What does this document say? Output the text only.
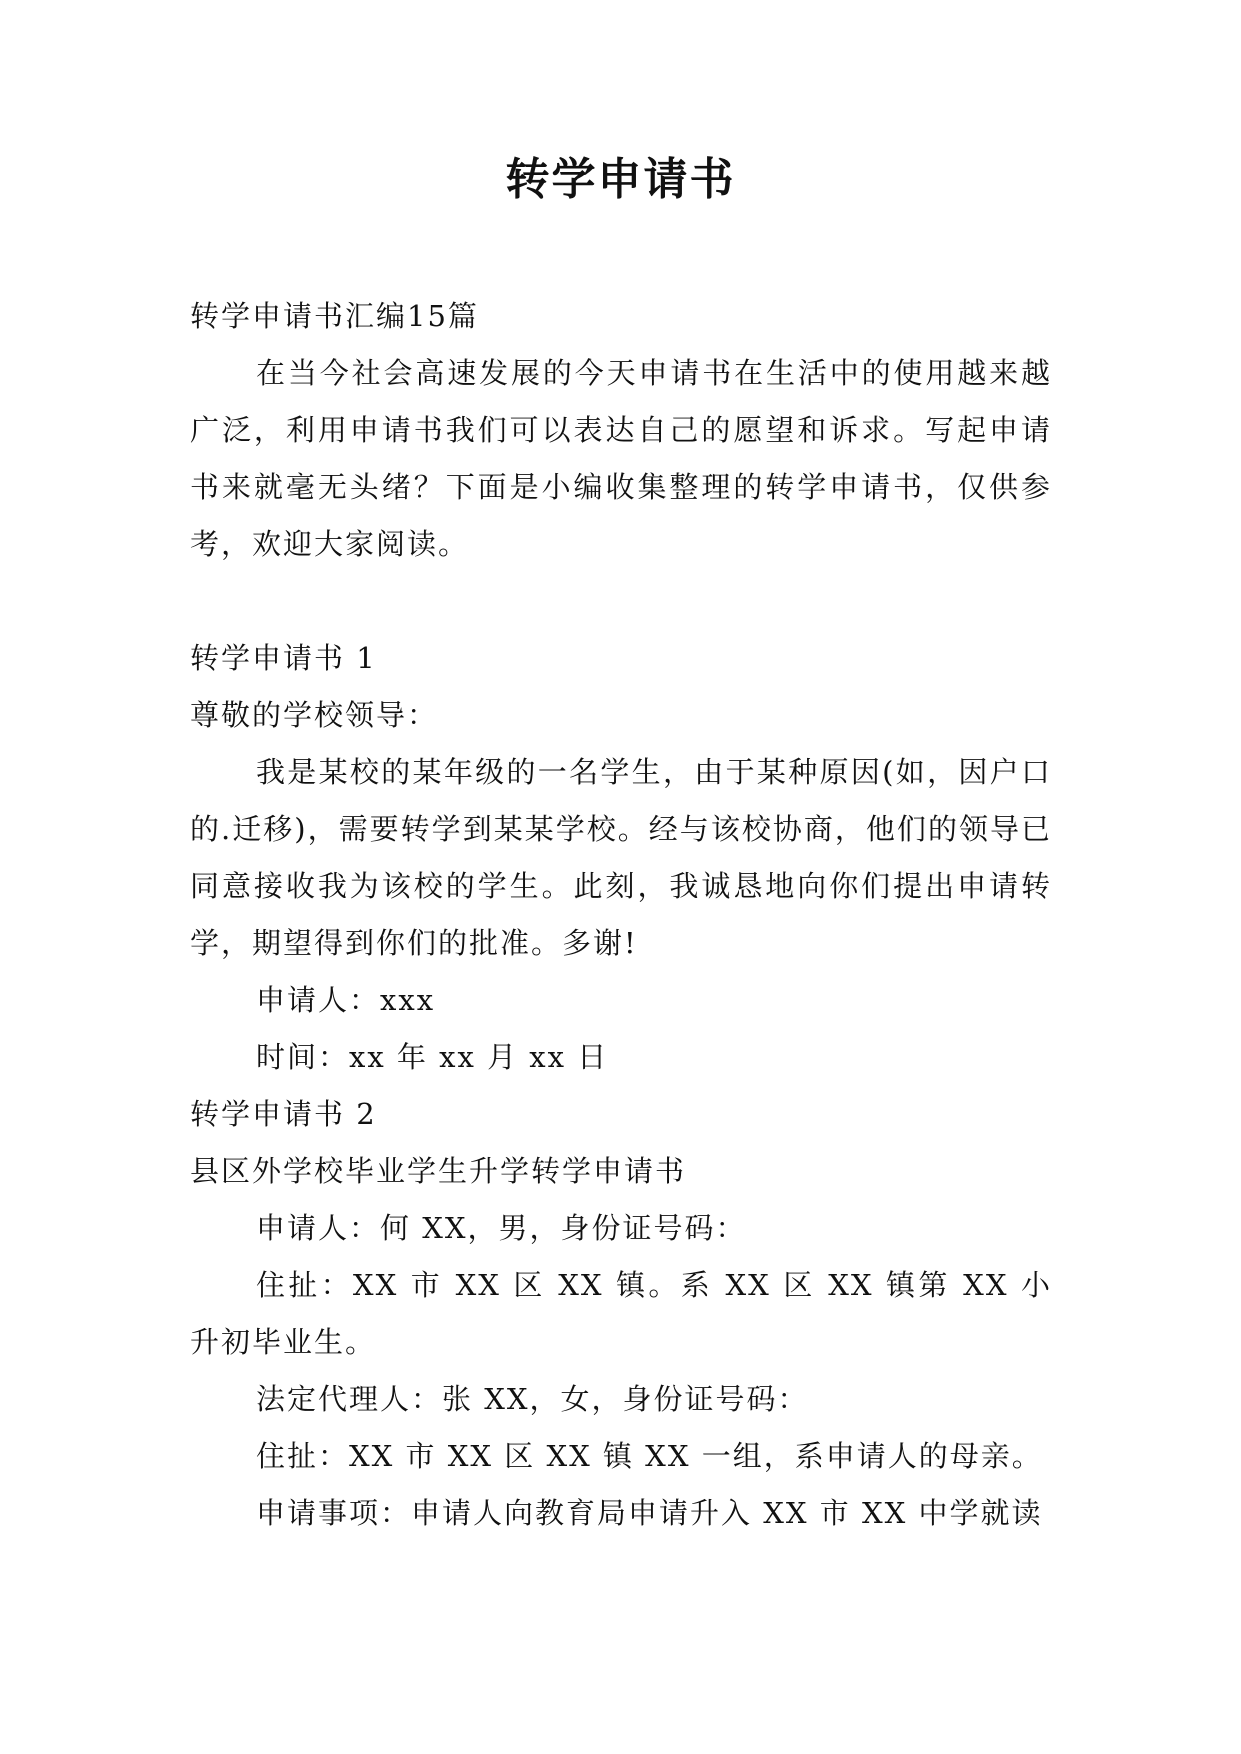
转学申请书

转学申请书汇编15篇

在当今社会高速发展的今天申请书在生活中的使用越来越广泛，利用申请书我们可以表达自己的愿望和诉求。写起申请书来就毫无头绪？下面是小编收集整理的转学申请书，仅供参考，欢迎大家阅读。

转学申请书 1

尊敬的学校领导：

我是某校的某年级的一名学生，由于某种原因(如，因户口的.迁移)，需要转学到某某学校。经与该校协商，他们的领导已同意接收我为该校的学生。此刻，我诚恳地向你们提出申请转学，期望得到你们的批准。多谢!

申请人：xxx

时间：xx 年 xx 月 xx 日

转学申请书 2

县区外学校毕业学生升学转学申请书

申请人：何 XX，男，身份证号码：

住扯：XX 市 XX 区 XX 镇。系 XX 区 XX 镇第 XX 小升初毕业生。

法定代理人：张 XX，女，身份证号码：

住扯：XX 市 XX 区 XX 镇 XX 一组，系申请人的母亲。

申请事项：申请人向教育局申请升入 XX 市 XX 中学就读
